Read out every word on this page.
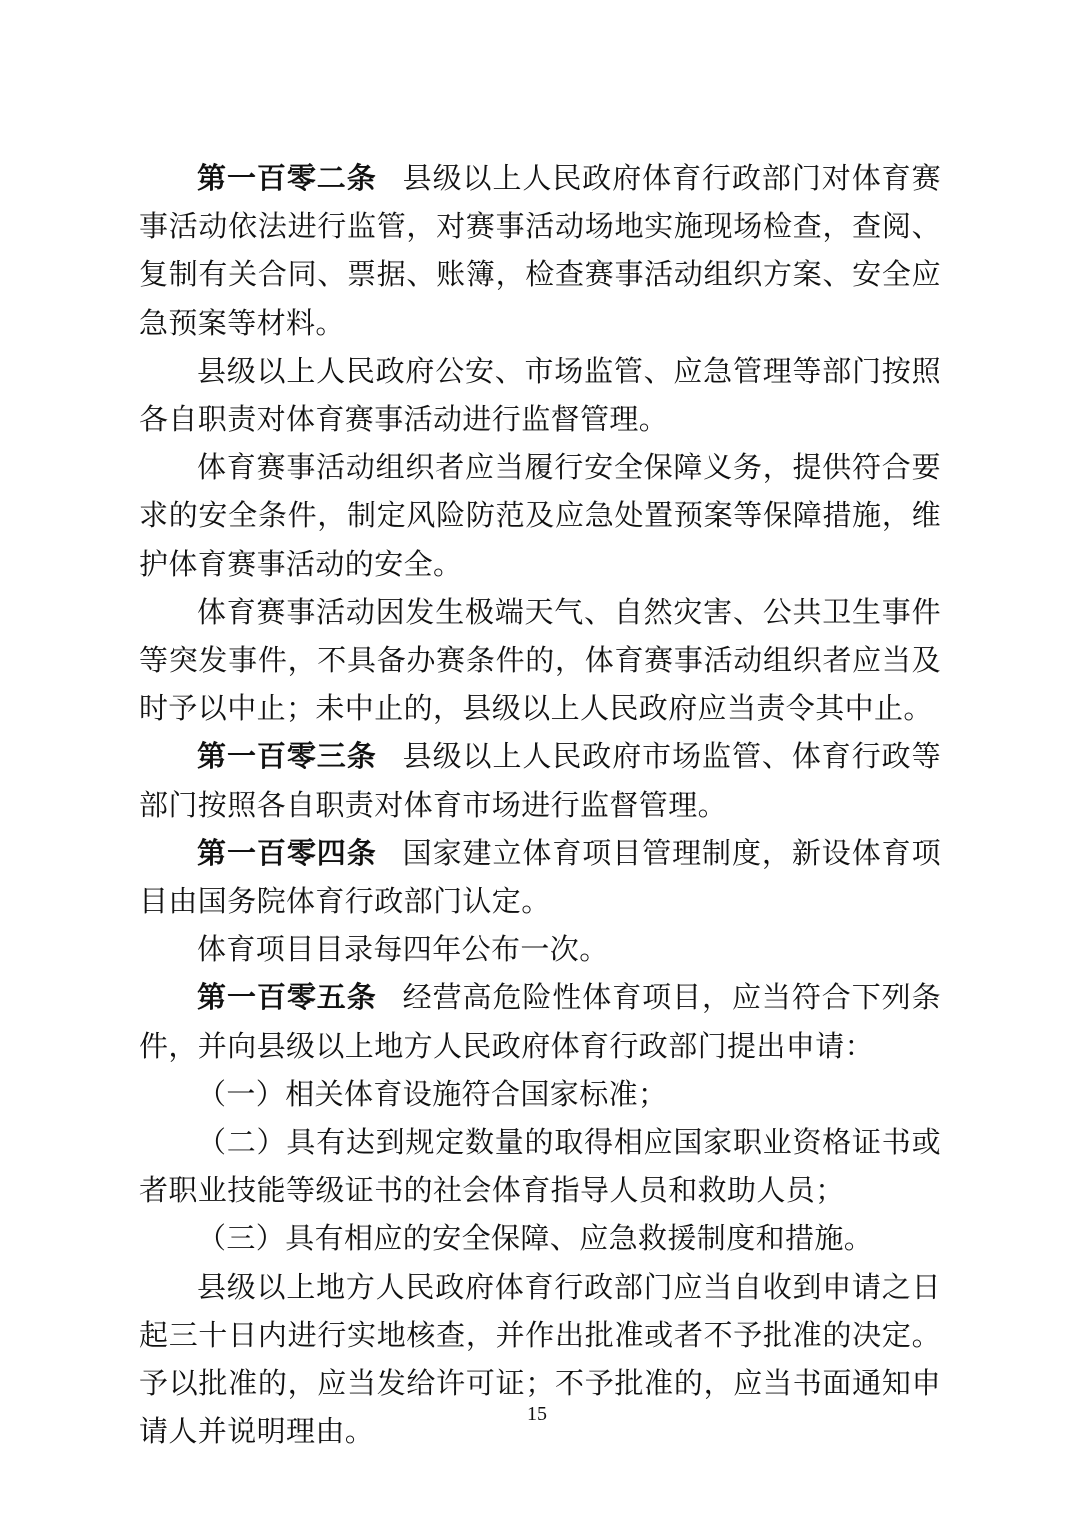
第一百零二条 县级以上人民政府体育行政部门对体育赛事活动依法进行监管，对赛事活动场地实施现场检查，查阅、复制有关合同、票据、账簿，检查赛事活动组织方案、安全应急预案等材料。

县级以上人民政府公安、市场监管、应急管理等部门按照各自职责对体育赛事活动进行监督管理。

体育赛事活动组织者应当履行安全保障义务，提供符合要求的安全条件，制定风险防范及应急处置预案等保障措施，维护体育赛事活动的安全。

体育赛事活动因发生极端天气、自然灾害、公共卫生事件等突发事件，不具备办赛条件的，体育赛事活动组织者应当及时予以中止；未中止的，县级以上人民政府应当责令其中止。

第一百零三条 县级以上人民政府市场监管、体育行政等部门按照各自职责对体育市场进行监督管理。

第一百零四条 国家建立体育项目管理制度，新设体育项目由国务院体育行政部门认定。

体育项目目录每四年公布一次。

第一百零五条 经营高危险性体育项目，应当符合下列条件，并向县级以上地方人民政府体育行政部门提出申请：

（一）相关体育设施符合国家标准；

（二）具有达到规定数量的取得相应国家职业资格证书或者职业技能等级证书的社会体育指导人员和救助人员；

（三）具有相应的安全保障、应急救援制度和措施。

县级以上地方人民政府体育行政部门应当自收到申请之日起三十日内进行实地核查，并作出批准或者不予批准的决定。予以批准的，应当发给许可证；不予批准的，应当书面通知申请人并说明理由。

15
